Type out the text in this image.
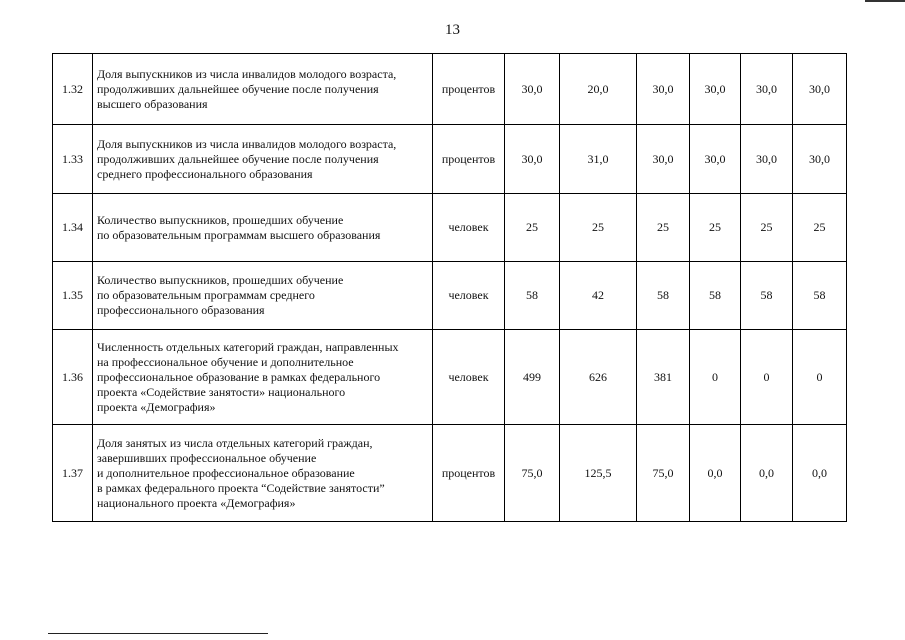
13
1.32	Доля выпускников из числа инвалидов молодого возраста,
продолживших дальнейшее обучение после получения
высшего образования	процентов	30,0	20,0	30,0	30,0	30,0	30,0
1.33	Доля выпускников из числа инвалидов молодого возраста,
продолживших дальнейшее обучение после получения
среднего профессионального образования	процентов	30,0	31,0	30,0	30,0	30,0	30,0
1.34	Количество выпускников, прошедших обучение
по образовательным программам высшего образования	человек	25	25	25	25	25	25
1.35	Количество выпускников, прошедших обучение
по образовательным программам среднего
профессионального образования	человек	58	42	58	58	58	58
1.36	Численность отдельных категорий граждан, направленных
на профессиональное обучение и дополнительное
профессиональное образование в рамках федерального
проекта «Содействие занятости» национального
проекта «Демография»	человек	499	626	381	0	0	0
1.37	Доля занятых из числа отдельных категорий граждан,
завершивших профессиональное обучение
и дополнительное профессиональное образование
в рамках федерального проекта “Содействие занятости”
национального проекта «Демография»	процентов	75,0	125,5	75,0	0,0	0,0	0,0
